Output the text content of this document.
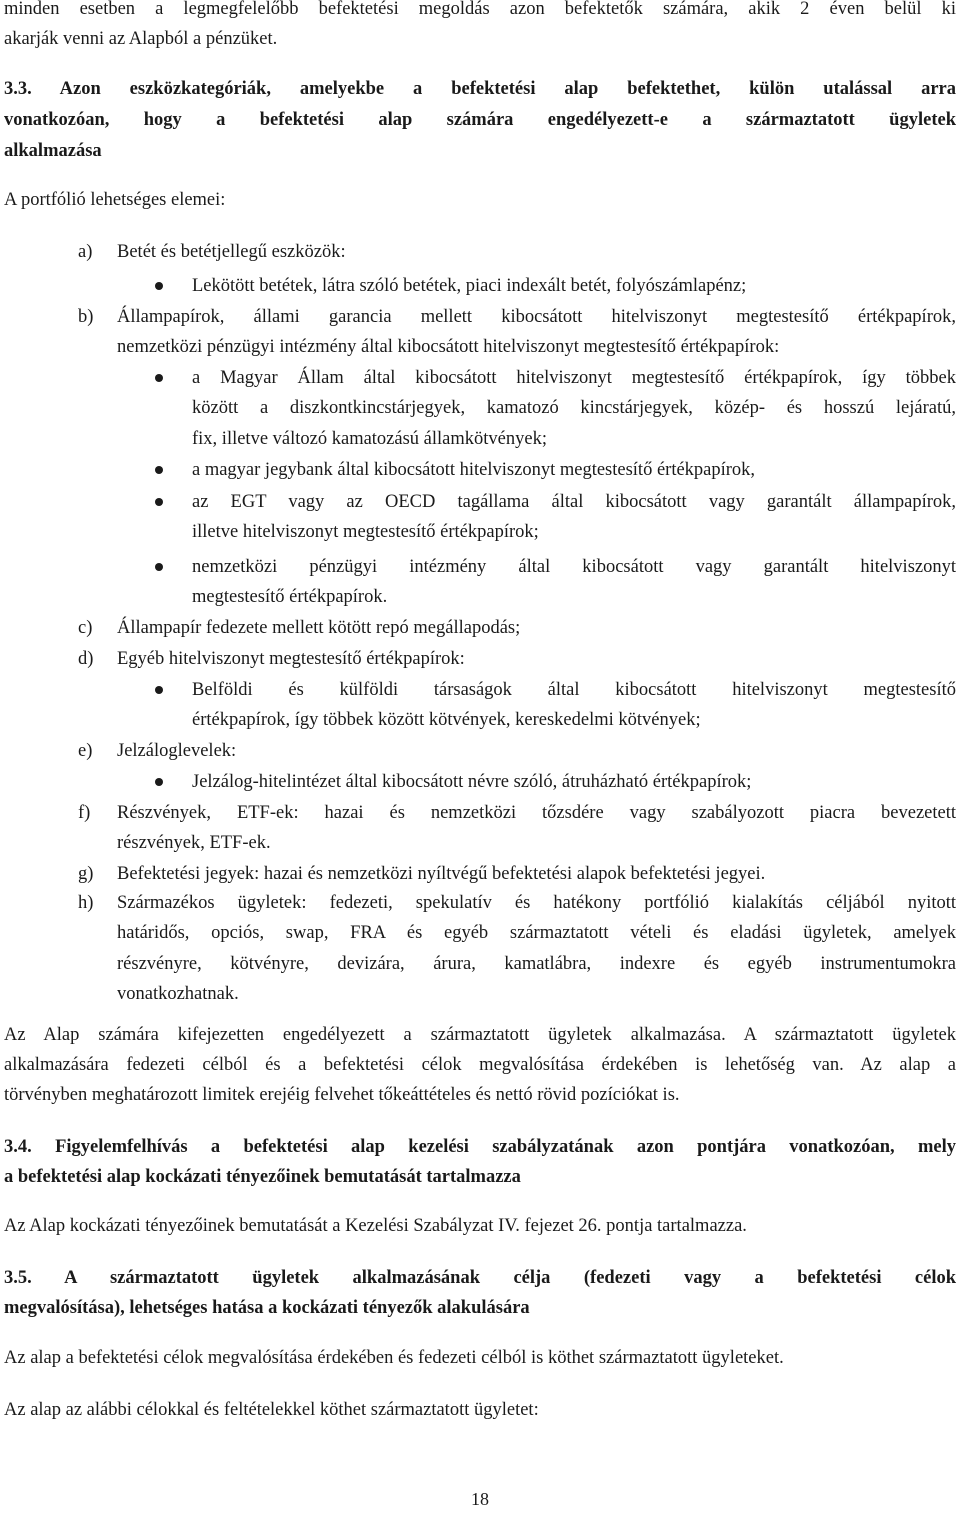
minden esetben a legmegfelelőbb befektetési megoldás azon befektetők számára, akik 2 éven belül ki
akarják venni az Alapból a pénzüket.
3.3. Azon eszközkategóriák, amelyekbe a befektetési alap befektethet, külön utalással arra
vonatkozóan, hogy a befektetési alap számára engedélyezett-e a származtatott ügyletek
alkalmazása
A portfólió lehetséges elemei:
a) Betét és betétjellegű eszközök:
Lekötött betétek, látra szóló betétek, piaci indexált betét, folyószámlapénz;
b) Állampapírok, állami garancia mellett kibocsátott hitelviszonyt megtestesítő értékpapírok,
nemzetközi pénzügyi intézmény által kibocsátott hitelviszonyt megtestesítő értékpapírok:
a Magyar Állam által kibocsátott hitelviszonyt megtestesítő értékpapírok, így többek
között a diszkontkincstárjegyek, kamatozó kincstárjegyek, közép- és hosszú lejáratú,
fix, illetve változó kamatozású államkötvények;
a magyar jegybank által kibocsátott hitelviszonyt megtestesítő értékpapírok,
az EGT vagy az OECD tagállama által kibocsátott vagy garantált állampapírok,
illetve hitelviszonyt megtestesítő értékpapírok;
nemzetközi pénzügyi intézmény által kibocsátott vagy garantált hitelviszonyt
megtestesítő értékpapírok.
c) Állampapír fedezete mellett kötött repó megállapodás;
d) Egyéb hitelviszonyt megtestesítő értékpapírok:
Belföldi és külföldi társaságok által kibocsátott hitelviszonyt megtestesítő
értékpapírok, így többek között kötvények, kereskedelmi kötvények;
e) Jelzáloglevelek:
Jelzálog-hitelintézet által kibocsátott névre szóló, átruházható értékpapírok;
f) Részvények, ETF-ek: hazai és nemzetközi tőzsdére vagy szabályozott piacra bevezetett
részvények, ETF-ek.
g) Befektetési jegyek: hazai és nemzetközi nyíltvégű befektetési alapok befektetési jegyei.
h) Származékos ügyletek: fedezeti, spekulatív és hatékony portfólió kialakítás céljából nyitott
határidős, opciós, swap, FRA és egyéb származtatott vételi és eladási ügyletek, amelyek
részvényre, kötvényre, devizára, árura, kamatlábra, indexre és egyéb instrumentumokra
vonatkozhatnak.
Az Alap számára kifejezetten engedélyezett a származtatott ügyletek alkalmazása. A származtatott ügyletek
alkalmazására fedezeti célból és a befektetési célok megvalósítása érdekében is lehetőség van. Az alap a
törvényben meghatározott limitek erejéig felvehet tőkeáttételes és nettó rövid pozíciókat is.
3.4. Figyelemfelhívás a befektetési alap kezelési szabályzatának azon pontjára vonatkozóan, mely
a befektetési alap kockázati tényezőinek bemutatását tartalmazza
Az Alap kockázati tényezőinek bemutatását a Kezelési Szabályzat IV. fejezet 26. pontja tartalmazza.
3.5. A származtatott ügyletek alkalmazásának célja (fedezeti vagy a befektetési célok
megvalósítása), lehetséges hatása a kockázati tényezők alakulására
Az alap a befektetési célok megvalósítása érdekében és fedezeti célból is köthet származtatott ügyleteket.
Az alap az alábbi célokkal és feltételekkel köthet származtatott ügyletet:
18
